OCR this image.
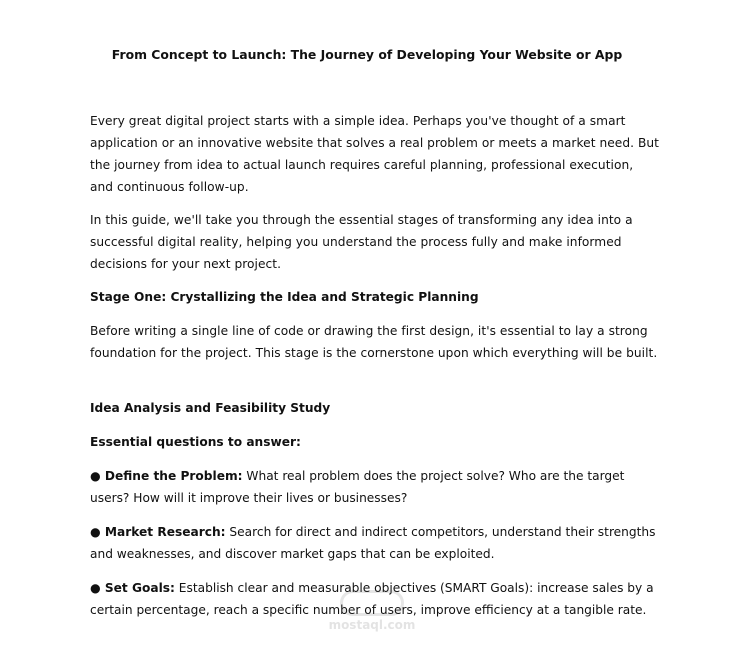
From Concept to Launch: The Journey of Developing Your Website or App

Every great digital project starts with a simple idea. Perhaps you've thought of a smart application or an innovative website that solves a real problem or meets a market need. But the journey from idea to actual launch requires careful planning, professional execution, and continuous follow-up.

In this guide, we'll take you through the essential stages of transforming any idea into a successful digital reality, helping you understand the process fully and make informed decisions for your next project.

Stage One: Crystallizing the Idea and Strategic Planning

Before writing a single line of code or drawing the first design, it's essential to lay a strong foundation for the project. This stage is the cornerstone upon which everything will be built.

Idea Analysis and Feasibility Study
Essential questions to answer:

● Define the Problem: What real problem does the project solve? Who are the target users? How will it improve their lives or businesses?

● Market Research: Search for direct and indirect competitors, understand their strengths and weaknesses, and discover market gaps that can be exploited.

● Set Goals: Establish clear and measurable objectives (SMART Goals): increase sales by a certain percentage, reach a specific number of users, improve efficiency at a tangible rate.

mostaql.com
